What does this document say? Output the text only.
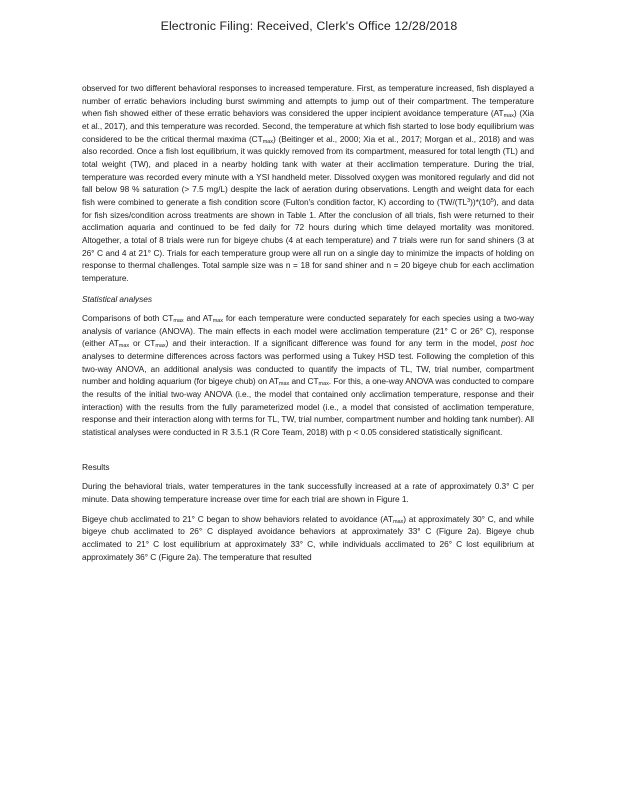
Electronic Filing: Received, Clerk's Office 12/28/2018

observed for two different behavioral responses to increased temperature. First, as temperature increased, fish displayed a number of erratic behaviors including burst swimming and attempts to jump out of their compartment. The temperature when fish showed either of these erratic behaviors was considered the upper incipient avoidance temperature $(AT_{max})$ (Xia et al., 2017), and this temperature was recorded. Second, the temperature at which fish started to lose body equilibrium was considered to be the critical thermal maxima $(CT_{max})$ (Beitinger et al., 2000; Xia et al., 2017; Morgan et al., 2018) and was also recorded. Once a fish lost equilibrium, it was quickly removed from its compartment, measured for total length (TL) and total weight (TW), and placed in a nearby holding tank with water at their acclimation temperature. During the trial, temperature was recorded every minute with a YSI handheld meter. Dissolved oxygen was monitored regularly and did not fall below 98 % saturation (> 7.5 mg/L) despite the lack of aeration during observations. Length and weight data for each fish were combined to generate a fish condition score (Fulton's condition factor, K) according to $(TW/(TL^3))*(10^5)$, and data for fish sizes/condition across treatments are shown in Table 1. After the conclusion of all trials, fish were returned to their acclimation aquaria and continued to be fed daily for 72 hours during which time delayed mortality was monitored. Altogether, a total of 8 trials were run for bigeye chubs (4 at each temperature) and 7 trials were run for sand shiners (3 at 26° C and 4 at 21° C). Trials for each temperature group were all run on a single day to minimize the impacts of holding on response to thermal challenges. Total sample size was n = 18 for sand shiner and n = 20 bigeye chub for each acclimation temperature.

Statistical analyses

Comparisons of both $CT_{max}$ and $AT_{max}$ for each temperature were conducted separately for each species using a two-way analysis of variance (ANOVA). The main effects in each model were acclimation temperature (21° C or 26° C), response (either $AT_{max}$ or $CT_{max}$) and their interaction. If a significant difference was found for any term in the model, post hoc analyses to determine differences across factors was performed using a Tukey HSD test. Following the completion of this two-way ANOVA, an additional analysis was conducted to quantify the impacts of TL, TW, trial number, compartment number and holding aquarium (for bigeye chub) on $AT_{max}$ and $CT_{max}$. For this, a one-way ANOVA was conducted to compare the results of the initial two-way ANOVA (i.e., the model that contained only acclimation temperature, response and their interaction) with the results from the fully parameterized model (i.e., a model that consisted of acclimation temperature, response and their interaction along with terms for TL, TW, trial number, compartment number and holding tank number). All statistical analyses were conducted in R 3.5.1 (R Core Team, 2018) with p < 0.05 considered statistically significant.

Results

During the behavioral trials, water temperatures in the tank successfully increased at a rate of approximately 0.3° C per minute. Data showing temperature increase over time for each trial are shown in Figure 1.

Bigeye chub acclimated to 21° C began to show behaviors related to avoidance $(AT_{max})$ at approximately 30° C, and while bigeye chub acclimated to 26° C displayed avoidance behaviors at approximately 33° C (Figure 2a). Bigeye chub acclimated to 21° C lost equilibrium at approximately 33° C, while individuals acclimated to 26° C lost equilibrium at approximately 36° C (Figure 2a). The temperature that resulted
